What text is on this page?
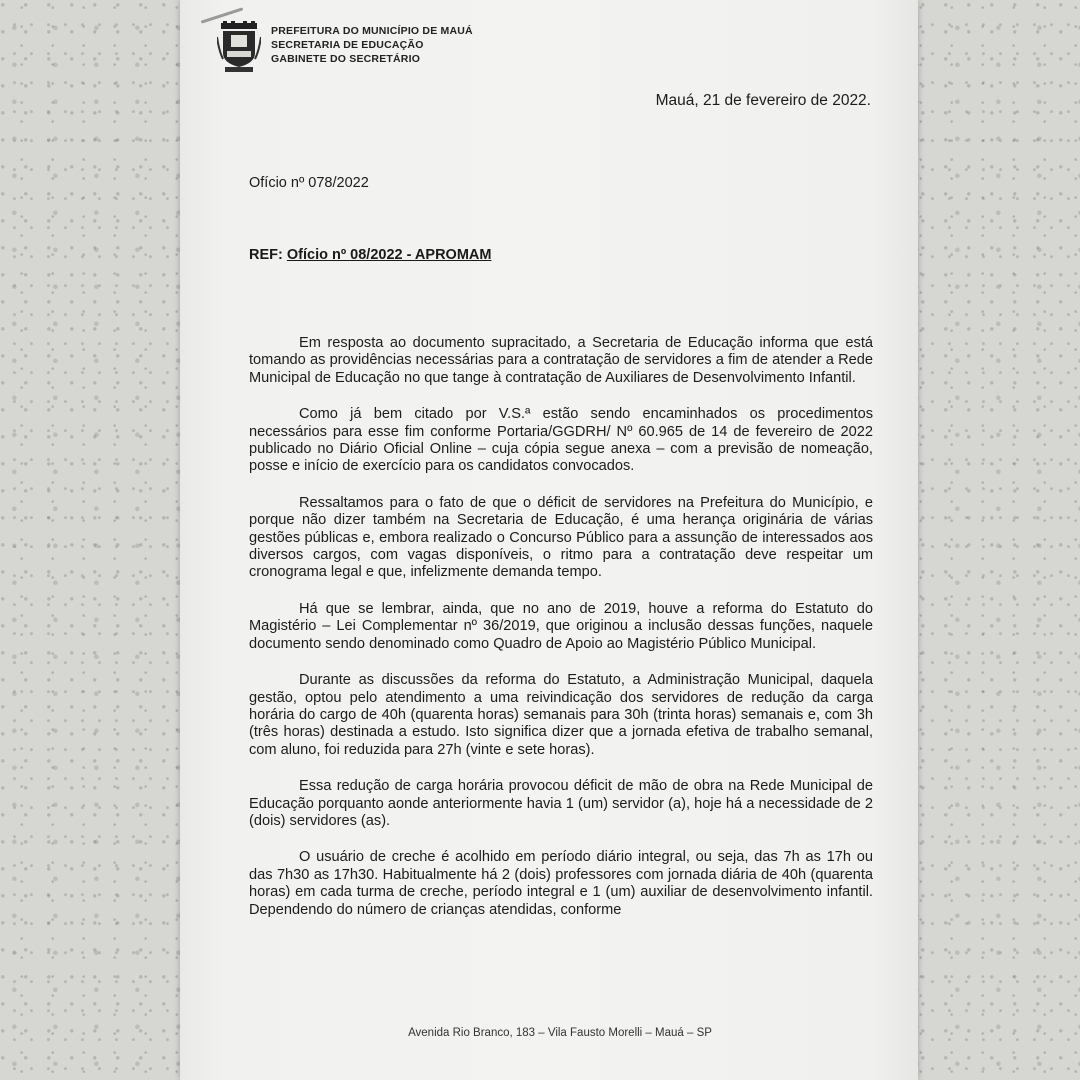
PREFEITURA DO MUNICÍPIO DE MAUÁ
SECRETARIA DE EDUCAÇÃO
GABINETE DO SECRETÁRIO
Mauá, 21 de fevereiro de 2022.
Ofício nº 078/2022
REF: Ofício nº 08/2022 - APROMAM

Em resposta ao documento supracitado, a Secretaria de Educação informa que está tomando as providências necessárias para a contratação de servidores a fim de atender a Rede Municipal de Educação no que tange à contratação de Auxiliares de Desenvolvimento Infantil.

Como já bem citado por V.S.ª estão sendo encaminhados os procedimentos necessários para esse fim conforme Portaria/GGDRH/ Nº 60.965 de 14 de fevereiro de 2022 publicado no Diário Oficial Online – cuja cópia segue anexa – com a previsão de nomeação, posse e início de exercício para os candidatos convocados.

Ressaltamos para o fato de que o déficit de servidores na Prefeitura do Município, e porque não dizer também na Secretaria de Educação, é uma herança originária de várias gestões públicas e, embora realizado o Concurso Público para a assunção de interessados aos diversos cargos, com vagas disponíveis, o ritmo para a contratação deve respeitar um cronograma legal e que, infelizmente demanda tempo.

Há que se lembrar, ainda, que no ano de 2019, houve a reforma do Estatuto do Magistério – Lei Complementar nº 36/2019, que originou a inclusão dessas funções, naquele documento sendo denominado como Quadro de Apoio ao Magistério Público Municipal.

Durante as discussões da reforma do Estatuto, a Administração Municipal, daquela gestão, optou pelo atendimento a uma reivindicação dos servidores de redução da carga horária do cargo de 40h (quarenta horas) semanais para 30h (trinta horas) semanais e, com 3h (três horas) destinada a estudo. Isto significa dizer que a jornada efetiva de trabalho semanal, com aluno, foi reduzida para 27h (vinte e sete horas).

Essa redução de carga horária provocou déficit de mão de obra na Rede Municipal de Educação porquanto aonde anteriormente havia 1 (um) servidor (a), hoje há a necessidade de 2 (dois) servidores (as).

O usuário de creche é acolhido em período diário integral, ou seja, das 7h as 17h ou das 7h30 as 17h30. Habitualmente há 2 (dois) professores com jornada diária de 40h (quarenta horas) em cada turma de creche, período integral e 1 (um) auxiliar de desenvolvimento infantil. Dependendo do número de crianças atendidas, conforme

Avenida Rio Branco, 183 – Vila Fausto Morelli – Mauá – SP
